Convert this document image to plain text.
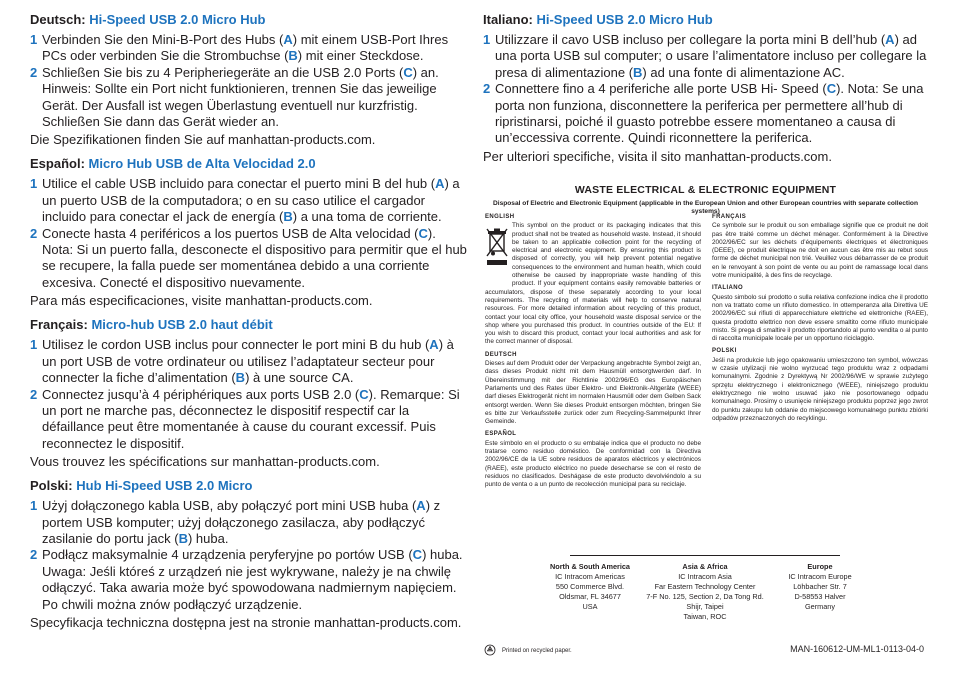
Deutsch: Hi-Speed USB 2.0 Micro Hub
1 Verbinden Sie den Mini-B-Port des Hubs (A) mit einem USB-Port Ihres PCs oder verbinden Sie die Strombuchse (B) mit einer Steckdose.
2 Schließen Sie bis zu 4 Peripheriegeräte an die USB 2.0 Ports (C) an. Hinweis: Sollte ein Port nicht funktionieren, trennen Sie das jeweilige Gerät. Der Ausfall ist wegen Überlastung eventuell nur kurzfristig. Schließen Sie dann das Gerät wieder an.

Die Spezifikationen finden Sie auf manhattan-products.com.

Español: Micro Hub USB de Alta Velocidad 2.0
1 Utilice el cable USB incluido para conectar el puerto mini B del hub (A) a un puerto USB de la computadora; o en su caso utilice el cargador incluido para conectar el jack de energía (B) a una toma de corriente.
2 Conecte hasta 4 periféricos a los puertos USB de Alta velocidad (C). Nota: Si un puerto falla, desconecte el dispositivo para permitir que el hub se recupere, la falla puede ser momentánea debido a una corriente excesiva. Conecté el dispositivo nuevamente.

Para más especificaciones, visite manhattan-products.com.

Français: Micro-hub USB 2.0 haut débit
1 Utilisez le cordon USB inclus pour connecter le port mini B du hub (A) à un port USB de votre ordinateur ou utilisez l’adaptateur secteur pour connecter la fiche d’alimentation (B) à une source CA.
2 Connectez jusqu’à 4 périphériques aux ports USB 2.0 (C). Remarque: Si un port ne marche pas, déconnectez le dispositif respectif car la défaillance peut être momentanée à cause du courant excessif. Puis reconnectez le dispositif.

Vous trouvez les spécifications sur manhattan-products.com.

Polski: Hub Hi-Speed USB 2.0 Micro
1 Użyj dołączonego kabla USB, aby połączyć port mini USB huba (A) z portem USB komputer; użyj dołączonego zasilacza, aby podłączyć zasilanie do portu jack (B) huba.
2 Podłącz maksymalnie 4 urządzenia peryferyjne po portów USB (C) huba. Uwaga: Jeśli któreś z urządzeń nie jest wykrywane, należy je na chwilę odłączyć. Taka awaria może być spowodowana nadmiernym napięciem. Po chwili można znów podłączyć urządzenie.

Specyfikacja techniczna dostępna jest na stronie manhattan-products.com.

Italiano: Hi-Speed USB 2.0 Micro Hub
1 Utilizzare il cavo USB incluso per collegare la porta mini B dell’hub (A) ad una porta USB sul computer; o usare l’alimentatore incluso per collegare la presa di alimentazione (B) ad una fonte di alimentazione AC.
2 Connettere fino a 4 periferiche alle porte USB Hi- Speed (C). Nota: Se una porta non funziona, disconnettere la periferica per permettere all’hub di ripristinarsi, poiché il guasto potrebbe essere momentaneo a causa di un’eccessiva corrente. Quindi riconnettere la periferica.

Per ulteriori specifiche, visita il sito manhattan-products.com.

WASTE ELECTRICAL & ELECTRONIC EQUIPMENT
Disposal of Electric and Electronic Equipment (applicable in the European Union and other European countries with separate collection systems)
ENGLISH

This symbol on the product or its packaging indicates that this product shall not be treated as household waste. Instead, it should be taken to an applicable collection point for the recycling of electrical and electronic equipment. By ensuring this product is disposed of correctly, you will help prevent potential negative consequences to the environment and human health, which could otherwise be caused by inappropriate waste handling of this product. If your equipment contains easily removable batteries or accumulators, dispose of these separately according to your local requirements. The recycling of materials will help to conserve natural resources. For more detailed information about recycling of this product, contact your local city office, your household waste disposal service or the shop where you purchased this product. In countries outside of the EU: If you wish to discard this product, contact your local authorities and ask for the correct manner of disposal.

DEUTSCH

Dieses auf dem Produkt oder der Verpackung angebrachte Symbol zeigt an, dass dieses Produkt nicht mit dem Hausmüll entsorgtwerden darf. In Übereinstimmung mit der Richtlinie 2002/96/EG des Europäischen Parlaments und des Rates über Elektro- und Elektronik-Altgeräte (WEEE) darf dieses Elektrogerät nicht im normalen Hausmüll oder dem Gelben Sack entsorgt werden. Wenn Sie dieses Produkt entsorgen möchten, bringen Sie es bitte zur Verkaufsstelle zurück oder zum Recycling-Sammelpunkt Ihrer Gemeinde.

ESPAÑOL

Este símbolo en el producto o su embalaje indica que el producto no debe tratarse como residuo doméstico. De conformidad con la Directiva 2002/96/CE de la UE sobre residuos de aparatos eléctricos y electrónicos (RAEE), este producto eléctrico no puede desecharse se con el resto de residuos no clasificados. Deshágase de este producto devolviéndolo a su punto de venta o a un punto de recolección municipal para su reciclaje.

FRANÇAIS

Ce symbole sur Ie produit ou son emballage signifie que ce produit ne doit pas être traité comme un déchet ménager. Conformément à la Directive 2002/96/EC sur les déchets d’équipements électriques et électroniques (DEEE), ce produit électrique ne doit en aucun cas être mis au rebut sous forme de déchet municipal non trié. Veuillez vous débarrasser de ce produit en le renvoyant à son point de vente ou au point de ramassage local dans votre municipalité, à des fins de recyclage.

ITALIANO

Questo simbolo sui prodotto o sulla relativa confezione indica che il prodotto non va trattato come un rifiuto domestico. In ottemperanza alla Direttiva UE 2002/96/EC sui rifiuti di apparecchiature elettriche ed elettroniche (RAEE), questa prodotto elettrico non deve essere smaltito come rifiuto municipale misto. Si prega di smaltire il prodotto riportandolo al punto vendita o al punto di raccolta municipale locale per un opportuno riciclaggio.

POLSKI

Jeśli na produkcie lub jego opakowaniu umieszczono ten symbol, wówczas w czasie utylizacji nie wolno wyrzucać tego produktu wraz z odpadami komunalnymi. Zgodnie z Dyrektywą Nr 2002/96/WE w sprawie zużytego sprzętu elektrycznego i elektronicznego (WEEE), niniejszego produktu elektrycznego nie wolno usuwać jako nie posortowanego odpadu komunalnego. Prosimy o usunięcie niniejszego produktu poprzez jego zwrot do punktu zakupu lub oddanie do miejscowego komunalnego punktu zbiórki odpadów przeznaczonych do recyklingu.

North & South America
IC Intracom Americas
550 Commerce Blvd.
Oldsmar, FL 34677
USA
Asia & Africa
IC Intracom Asia
Far Eastern Technology Center
7-F No. 125, Section 2, Da Tong Rd.
Shijr, Taipei
Taiwan, ROC
Europe
IC Intracom Europe
Löhbacher Str. 7
D-58553 Halver
Germany
Printed on recycled paper.	MAN-160612-UM-ML1-0113-04-0
